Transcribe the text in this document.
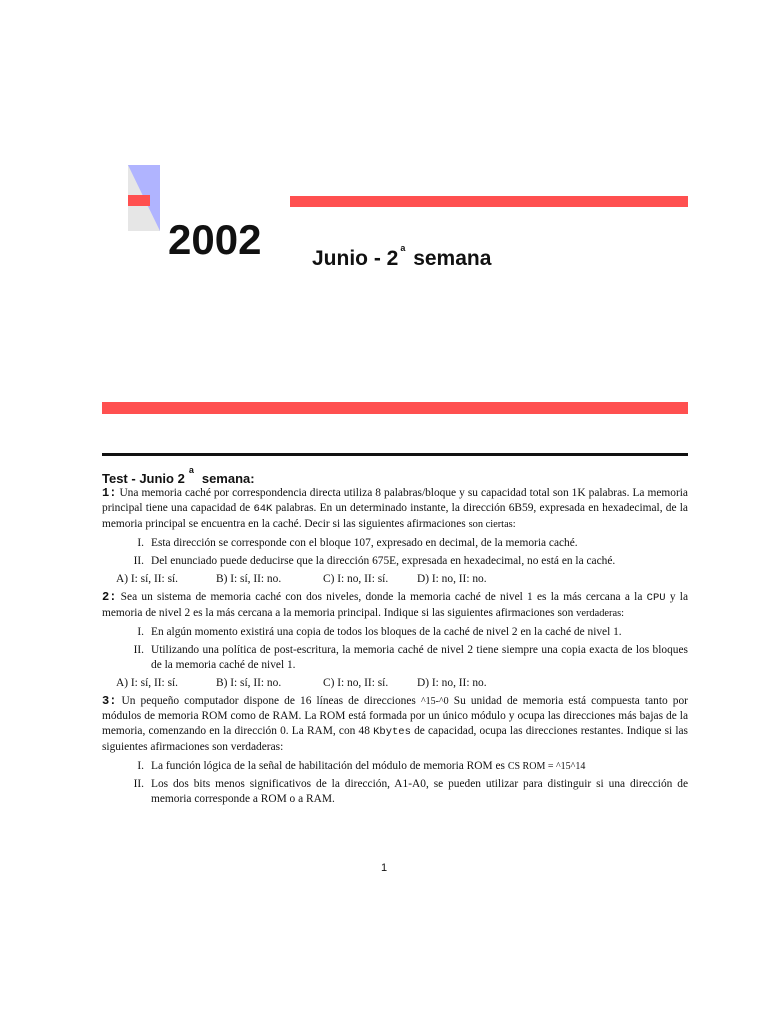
2002 Junio - 2 $^a$ semana
Test - Junio 2$^a$semana:

1: Una memoria caché por correspondencia directa utiliza 8 palabras/bloque y su capacidad total son 1K palabras. La memoria principal tiene una capacidad de 64K palabras. En un determinado instante, la dirección 6B59, expresada en hexadecimal, de la memoria principal se encuentra en la caché. Decir si las siguientes afirmaciones son ciertas:

I. Esta dirección se corresponde con el bloque 107, expresado en decimal, de la memoria caché.
II. Del enunciado puede deducirse que la dirección 675E, expresada en hexadecimal, no está en la caché.
A) I: sí, II: sí.	B) I: sí, II: no.	C) I: no, II: sí.	D) I: no, II: no.

2: Sea un sistema de memoria caché con dos niveles, donde la memoria caché de nivel 1 es la más cercana a la CPU y la memoria de nivel 2 es la más cercana a la memoria principal. Indique si las siguientes afirmaciones son verdaderas:

I. En algún momento existirá una copia de todos los bloques de la caché de nivel 2 en la caché de nivel 1.
II. Utilizando una política de post-escritura, la memoria caché de nivel 2 tiene siempre una copia exacta de los bloques de la memoria caché de nivel 1.
A) I: sí, II: sí.	B) I: sí, II: no.	C) I: no, II: sí.	D) I: no, II: no.

3: Un pequeño computador dispone de 16 líneas de direcciones ^15-^0 Su unidad de memoria está compuesta tanto por módulos de memoria ROM como de RAM. La ROM está formada por un único módulo y ocupa las direcciones más bajas de la memoria, comenzando en la dirección 0. La RAM, con 48 Kbytes de capacidad, ocupa las direcciones restantes. Indique si las siguientes afirmaciones son verdaderas:

I. La función lógica de la señal de habilitación del módulo de memoria ROM es CS ROM = ^15^14
II. Los dos bits menos significativos de la dirección, A1-A0, se pueden utilizar para distinguir si una dirección de memoria corresponde a ROM o a RAM.
1
